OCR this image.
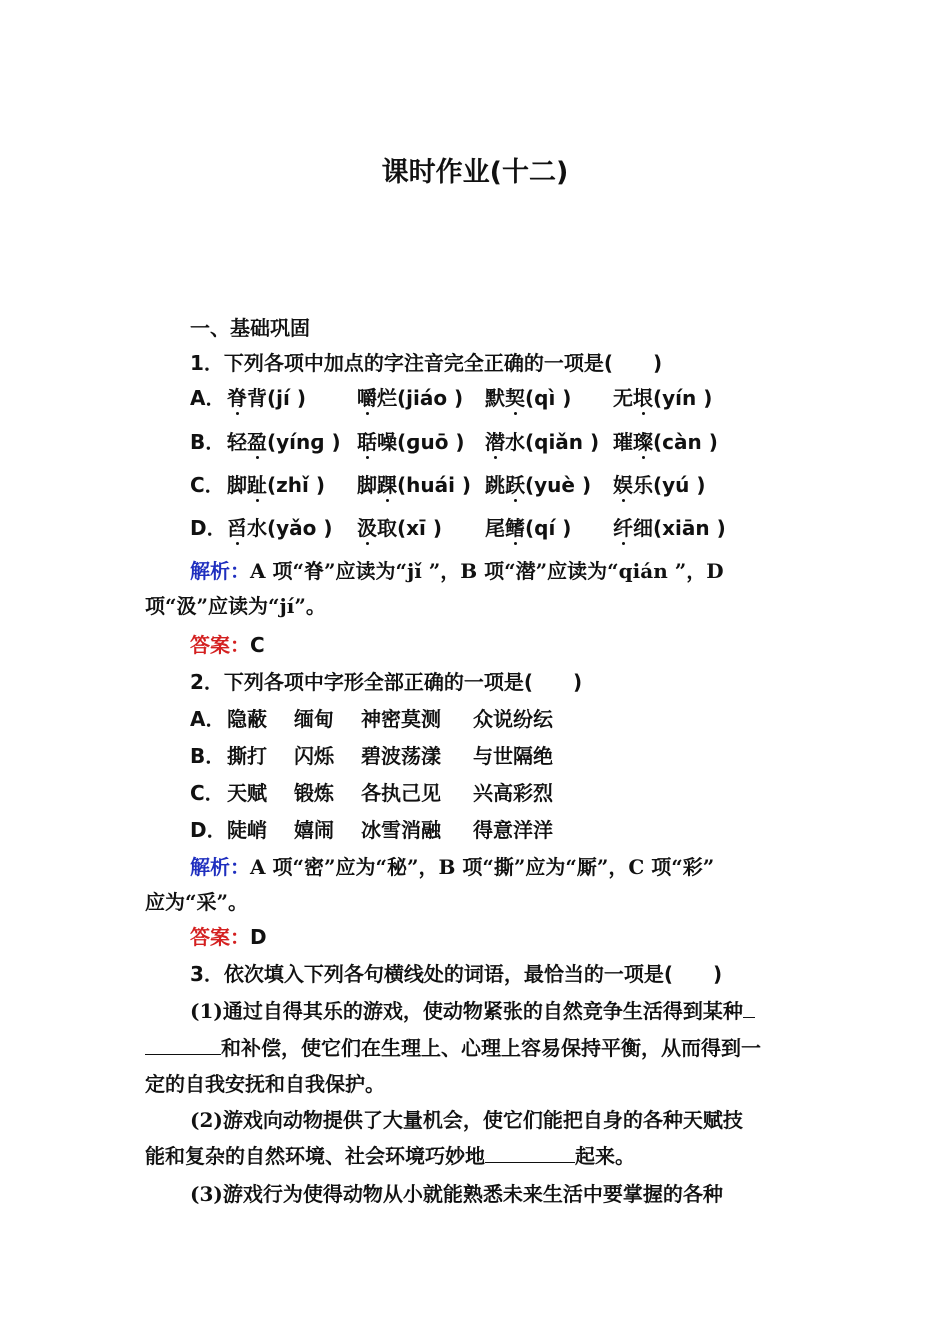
课时作业(十二)
一、基础巩固
1．下列各项中加点的字注音完全正确的一项是(　　)
A． 脊背(jí )	嚼烂(jiáo ) 默契(qì ) 无垠(yín )
B． 轻盈(yínɡ ) 聒噪(ɡuō ) 潜水(qiǎn ) 璀璨(càn )
C． 脚趾(zhǐ ) 脚踝(huái ) 跳跃(yuè ) 娱乐(yú )
D． 舀水(yǎo ) 汲取(xī ) 尾鳍(qí ) 纤细(xiān )
解析：A 项“脊”应读为“jǐ ”，B 项“潜”应读为“qián ”，D
项“汲”应读为“jí”。
答案：C
2．下列各项中字形全部正确的一项是(　　)
A． 隐蔽 缅甸 神密莫测 众说纷纭
B． 撕打 闪烁 碧波荡漾 与世隔绝
C． 天赋 锻炼 各执己见 兴高彩烈
D． 陡峭 嬉闹 冰雪消融 得意洋洋
解析：A 项“密”应为“秘”，B 项“撕”应为“厮”，C 项“彩”
应为“采”。
答案：D
3．依次填入下列各句横线处的词语，最恰当的一项是(　　)
(1)通过自得其乐的游戏，使动物紧张的自然竞争生活得到某种
和补偿，使它们在生理上、心理上容易保持平衡，从而得到一
定的自我安抚和自我保护。
(2)游戏向动物提供了大量机会，使它们能把自身的各种天赋技
能和复杂的自然环境、社会环境巧妙地	起来。
(3)游戏行为使得动物从小就能熟悉未来生活中要掌握的各种
